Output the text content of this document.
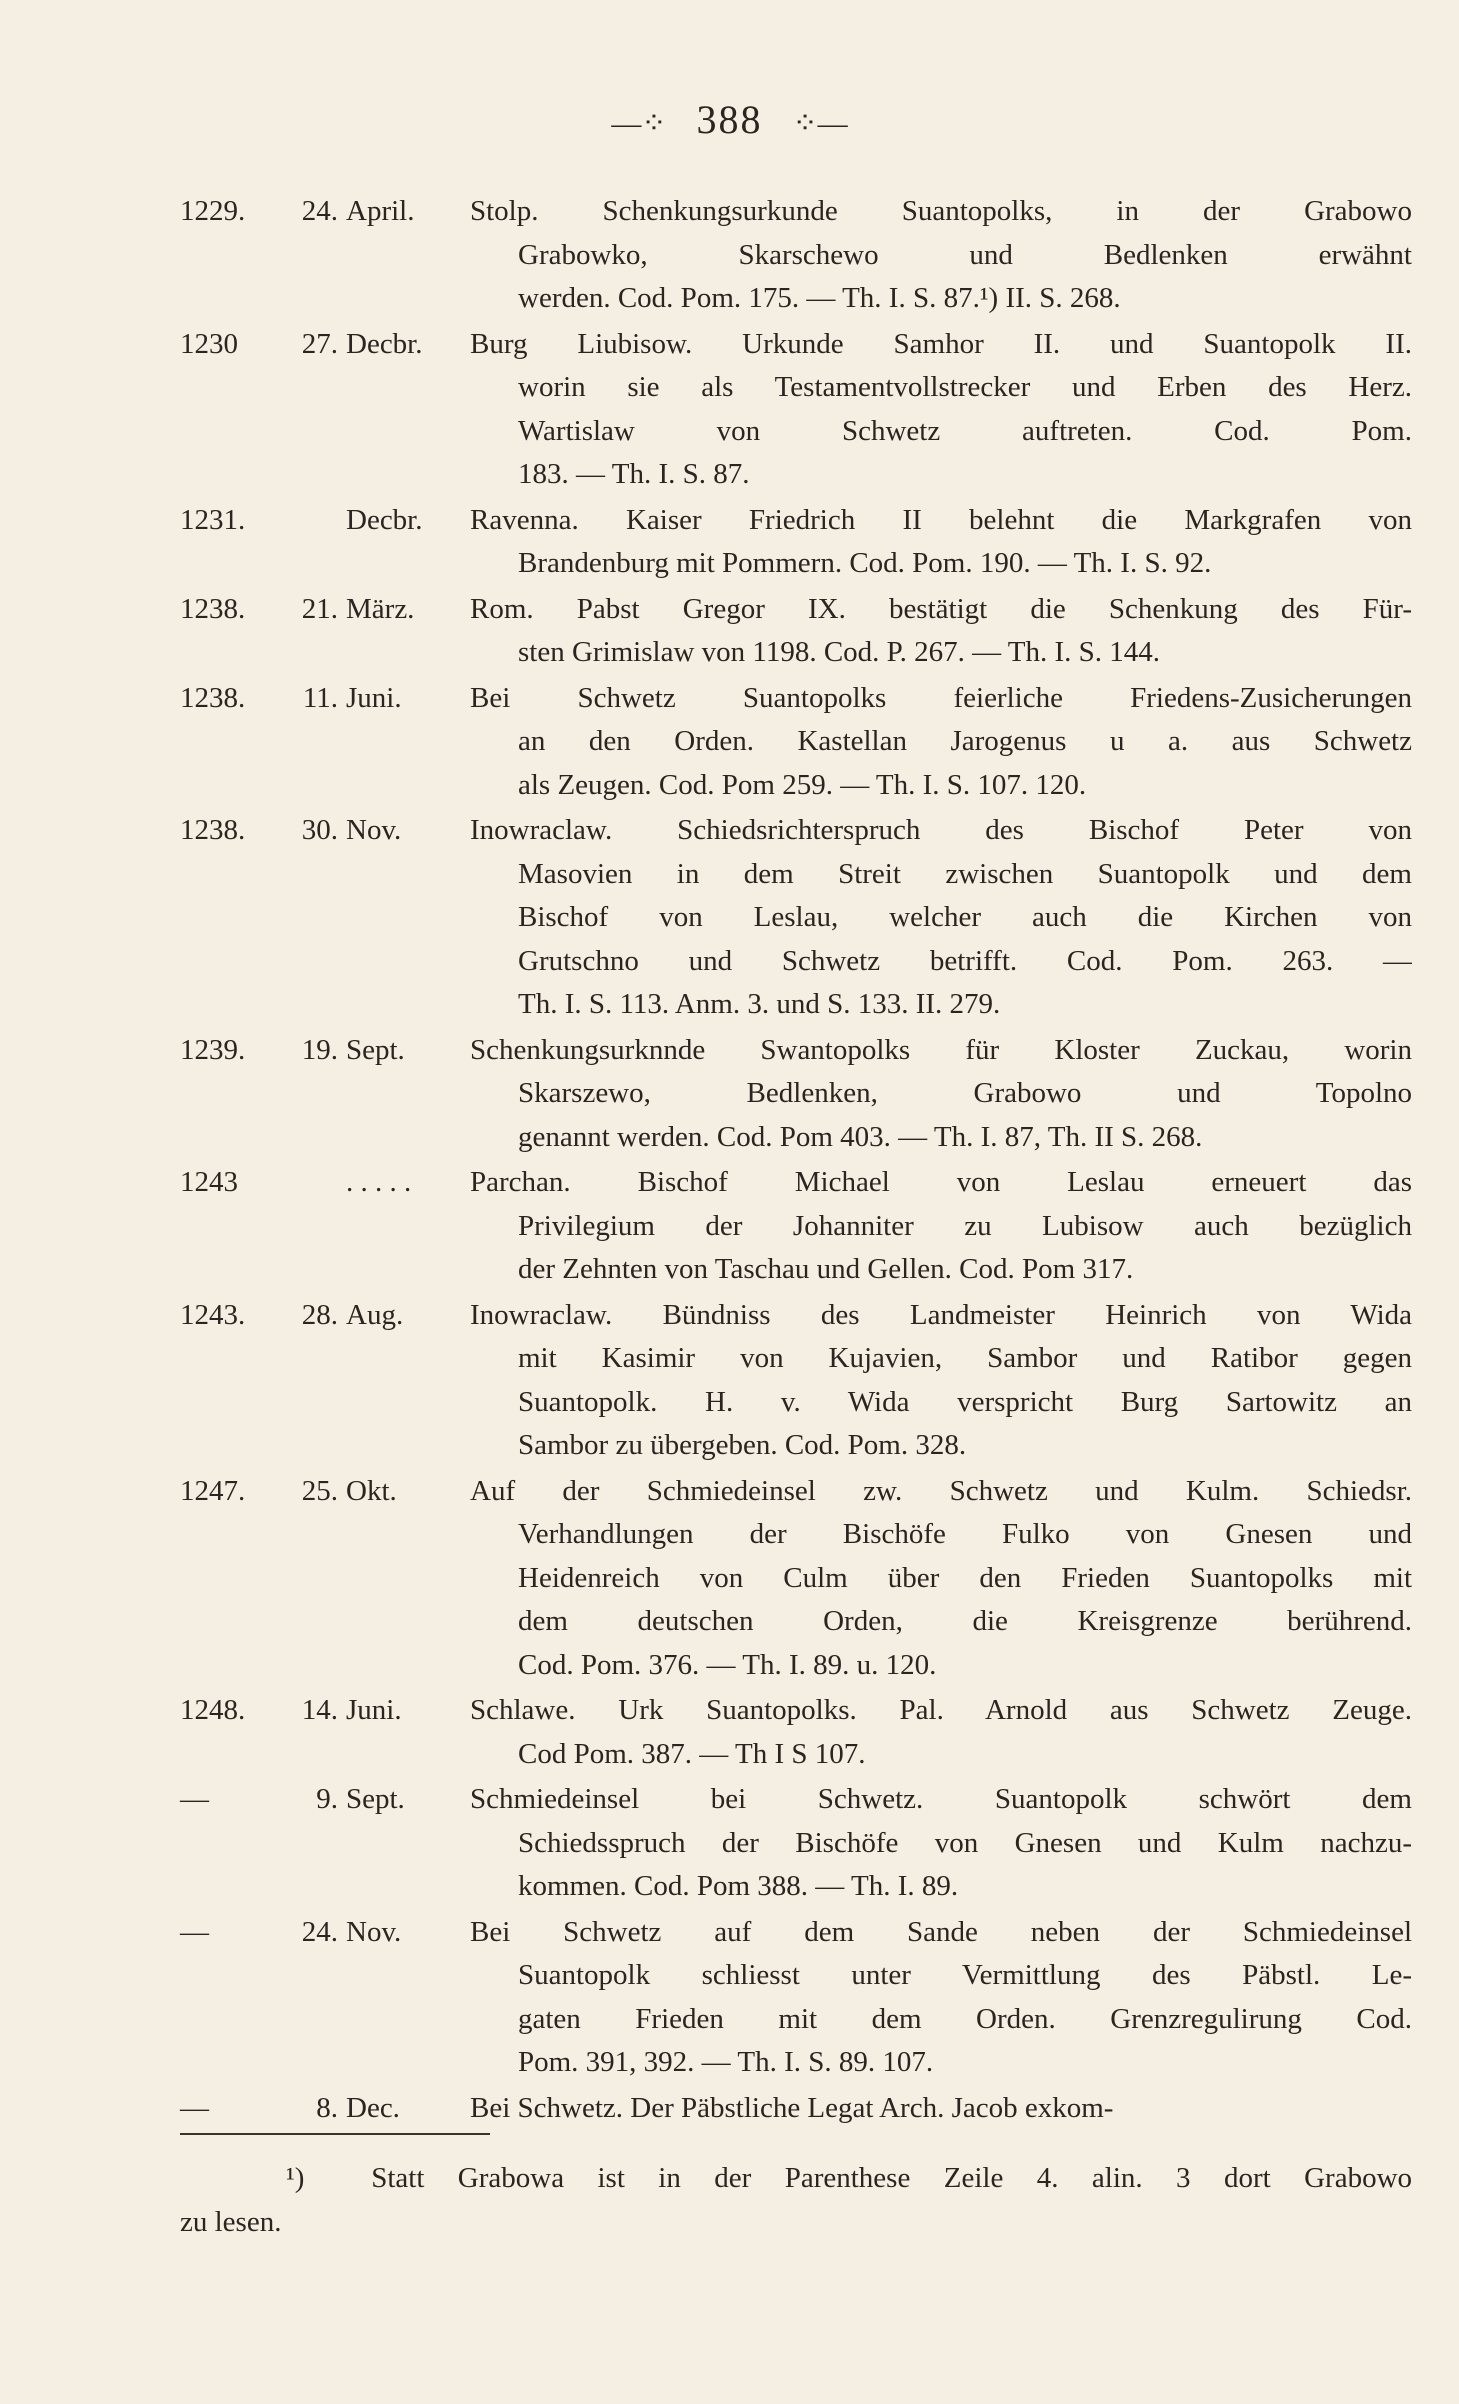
—⁘ 388 ⁘—
1229.	24. April.	Stolp. Schenkungsurkunde Suantopolks, in der Grabowo
Grabowko, Skarschewo und Bedlenken erwähnt
werden. Cod. Pom. 175. — Th. I. S. 87.¹) II. S. 268.
1230	27. Decbr.	Burg Liubisow. Urkunde Samhor II. und Suantopolk II.
worin sie als Testamentvollstrecker und Erben des Herz.
Wartislaw von Schwetz auftreten. Cod. Pom.
183. — Th. I. S. 87.
1231.	Decbr.	Ravenna. Kaiser Friedrich II belehnt die Markgrafen von
Brandenburg mit Pommern. Cod. Pom. 190. — Th. I. S. 92.
1238.	21. März.	Rom. Pabst Gregor IX. bestätigt die Schenkung des Für-
sten Grimislaw von 1198. Cod. P. 267. — Th. I. S. 144.
1238.	11. Juni.	Bei Schwetz Suantopolks feierliche Friedens-Zusicherungen
an den Orden. Kastellan Jarogenus u a. aus Schwetz
als Zeugen. Cod. Pom 259. — Th. I. S. 107. 120.
1238.	30. Nov.	Inowraclaw. Schiedsrichterspruch des Bischof Peter von
Masovien in dem Streit zwischen Suantopolk und dem
Bischof von Leslau, welcher auch die Kirchen von
Grutschno und Schwetz betrifft. Cod. Pom. 263. —
Th. I. S. 113. Anm. 3. und S. 133. II. 279.
1239.	19. Sept.	Schenkungsurknnde Swantopolks für Kloster Zuckau, worin
Skarszewo, Bedlenken, Grabowo und Topolno
genannt werden. Cod. Pom 403. — Th. I. 87, Th. II S. 268.
1243	. . . . .	Parchan. Bischof Michael von Leslau erneuert das
Privilegium der Johanniter zu Lubisow auch bezüglich
der Zehnten von Taschau und Gellen. Cod. Pom 317.
1243.	28. Aug.	Inowraclaw. Bündniss des Landmeister Heinrich von Wida
mit Kasimir von Kujavien, Sambor und Ratibor gegen
Suantopolk. H. v. Wida verspricht Burg Sartowitz an
Sambor zu übergeben. Cod. Pom. 328.
1247.	25. Okt.	Auf der Schmiedeinsel zw. Schwetz und Kulm. Schiedsr.
Verhandlungen der Bischöfe Fulko von Gnesen und
Heidenreich von Culm über den Frieden Suantopolks mit
dem deutschen Orden, die Kreisgrenze berührend.
Cod. Pom. 376. — Th. I. 89. u. 120.
1248.	14. Juni.	Schlawe. Urk Suantopolks. Pal. Arnold aus Schwetz Zeuge.
Cod Pom. 387. — Th I S 107.
—	9. Sept.	Schmiedeinsel bei Schwetz. Suantopolk schwört dem
Schiedsspruch der Bischöfe von Gnesen und Kulm nachzu-
kommen. Cod. Pom 388. — Th. I. 89.
—	24. Nov.	Bei Schwetz auf dem Sande neben der Schmiedeinsel
Suantopolk schliesst unter Vermittlung des Päbstl. Le-
gaten Frieden mit dem Orden. Grenzregulirung Cod.
Pom. 391, 392. — Th. I. S. 89. 107.
—	8. Dec.	Bei Schwetz. Der Päbstliche Legat Arch. Jacob exkom-
¹) Statt Grabowa ist in der Parenthese Zeile 4. alin. 3 dort Grabowo
zu lesen.
